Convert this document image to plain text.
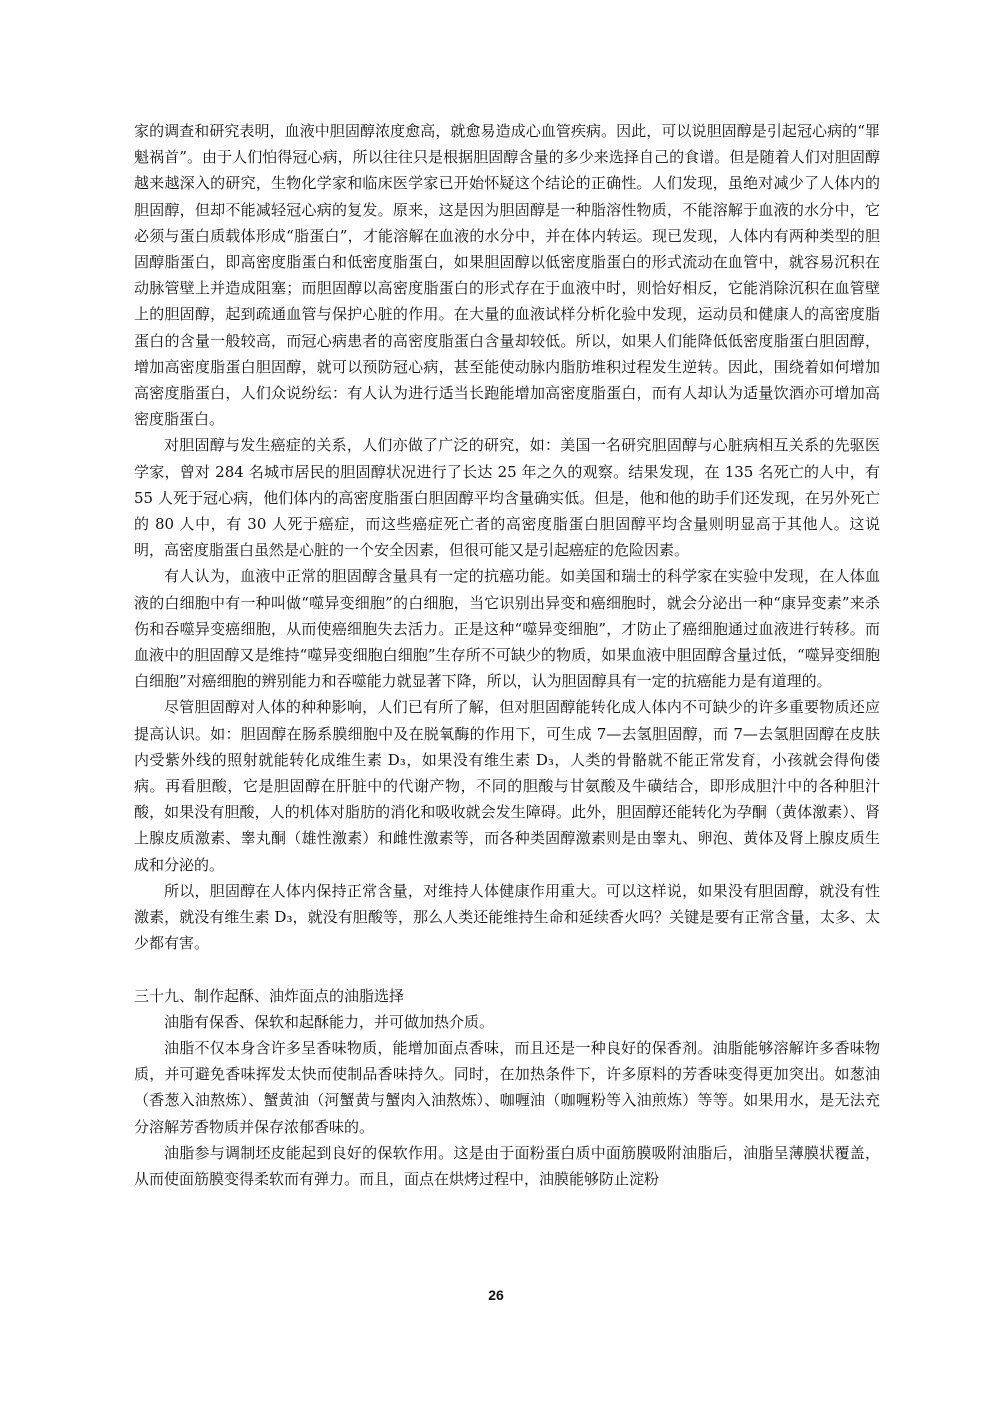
家的调查和研究表明，血液中胆固醇浓度愈高，就愈易造成心血管疾病。因此，可以说胆固醇是引起冠心病的“罪魁祸首”。由于人们怕得冠心病，所以往往只是根据胆固醇含量的多少来选择自己的食谱。但是随着人们对胆固醇越来越深入的研究，生物化学家和临床医学家已开始怀疑这个结论的正确性。人们发现，虽绝对减少了人体内的胆固醇，但却不能减轻冠心病的复发。原来，这是因为胆固醇是一种脂溶性物质，不能溶解于血液的水分中，它必须与蛋白质载体形成“脂蛋白”，才能溶解在血液的水分中，并在体内转运。现已发现，人体内有两种类型的胆固醇脂蛋白，即高密度脂蛋白和低密度脂蛋白，如果胆固醇以低密度脂蛋白的形式流动在血管中，就容易沉积在动脉管壁上并造成阻塞；而胆固醇以高密度脂蛋白的形式存在于血液中时，则恰好相反，它能消除沉积在血管壁上的胆固醇，起到疏通血管与保护心脏的作用。在大量的血液试样分析化验中发现，运动员和健康人的高密度脂蛋白的含量一般较高，而冠心病患者的高密度脂蛋白含量却较低。所以，如果人们能降低低密度脂蛋白胆固醇，增加高密度脂蛋白胆固醇，就可以预防冠心病，甚至能使动脉内脂肪堆积过程发生逆转。因此，围绕着如何增加高密度脂蛋白，人们众说纷纭：有人认为进行适当长跑能增加高密度脂蛋白，而有人却认为适量饮酒亦可增加高密度脂蛋白。

对胆固醇与发生癌症的关系，人们亦做了广泛的研究，如：美国一名研究胆固醇与心脏病相互关系的先驱医学家，曾对 284 名城市居民的胆固醇状况进行了长达 25 年之久的观察。结果发现，在 135 名死亡的人中，有 55 人死于冠心病，他们体内的高密度脂蛋白胆固醇平均含量确实低。但是，他和他的助手们还发现，在另外死亡的 80 人中，有 30 人死于癌症，而这些癌症死亡者的高密度脂蛋白胆固醇平均含量则明显高于其他人。这说明，高密度脂蛋白虽然是心脏的一个安全因素，但很可能又是引起癌症的危险因素。

有人认为，血液中正常的胆固醇含量具有一定的抗癌功能。如美国和瑞士的科学家在实验中发现，在人体血液的白细胞中有一种叫做“噬异变细胞”的白细胞，当它识别出异变和癌细胞时，就会分泌出一种“康异变素”来杀伤和吞噬异变癌细胞，从而使癌细胞失去活力。正是这种“噬异变细胞”，才防止了癌细胞通过血液进行转移。而血液中的胆固醇又是维持“噬异变细胞白细胞”生存所不可缺少的物质，如果血液中胆固醇含量过低，“噬异变细胞白细胞”对癌细胞的辨别能力和吞噬能力就显著下降，所以，认为胆固醇具有一定的抗癌能力是有道理的。

尽管胆固醇对人体的种种影响，人们已有所了解，但对胆固醇能转化成人体内不可缺少的许多重要物质还应提高认识。如：胆固醇在肠系膜细胞中及在脱氧酶的作用下，可生成 7—去氢胆固醇，而 7—去氢胆固醇在皮肤内受紫外线的照射就能转化成维生素 D₃，如果没有维生素 D₃，人类的骨骼就不能正常发育，小孩就会得佝偻病。再看胆酸，它是胆固醇在肝脏中的代谢产物，不同的胆酸与甘氨酸及牛磺结合，即形成胆汁中的各种胆汁酸，如果没有胆酸，人的机体对脂肪的消化和吸收就会发生障碍。此外，胆固醇还能转化为孕酮（黄体激素）、肾上腺皮质激素、睾丸酮（雄性激素）和雌性激素等，而各种类固醇激素则是由睾丸、卵泡、黄体及肾上腺皮质生成和分泌的。

所以，胆固醇在人体内保持正常含量，对维持人体健康作用重大。可以这样说，如果没有胆固醇，就没有性激素，就没有维生素 D₃，就没有胆酸等，那么人类还能维持生命和延续香火吗？关键是要有正常含量，太多、太少都有害。

三十九、制作起酥、油炸面点的油脂选择

油脂有保香、保软和起酥能力，并可做加热介质。

油脂不仅本身含许多呈香味物质，能增加面点香味，而且还是一种良好的保香剂。油脂能够溶解许多香味物质，并可避免香味挥发太快而使制品香味持久。同时，在加热条件下，许多原料的芳香味变得更加突出。如葱油（香葱入油熬炼）、蟹黄油（河蟹黄与蟹肉入油熬炼）、咖喱油（咖喱粉等入油煎炼）等等。如果用水，是无法充分溶解芳香物质并保存浓郁香味的。

油脂参与调制坯皮能起到良好的保软作用。这是由于面粉蛋白质中面筋膜吸附油脂后，油脂呈薄膜状覆盖，从而使面筋膜变得柔软而有弹力。而且，面点在烘烤过程中，油膜能够防止淀粉

26
